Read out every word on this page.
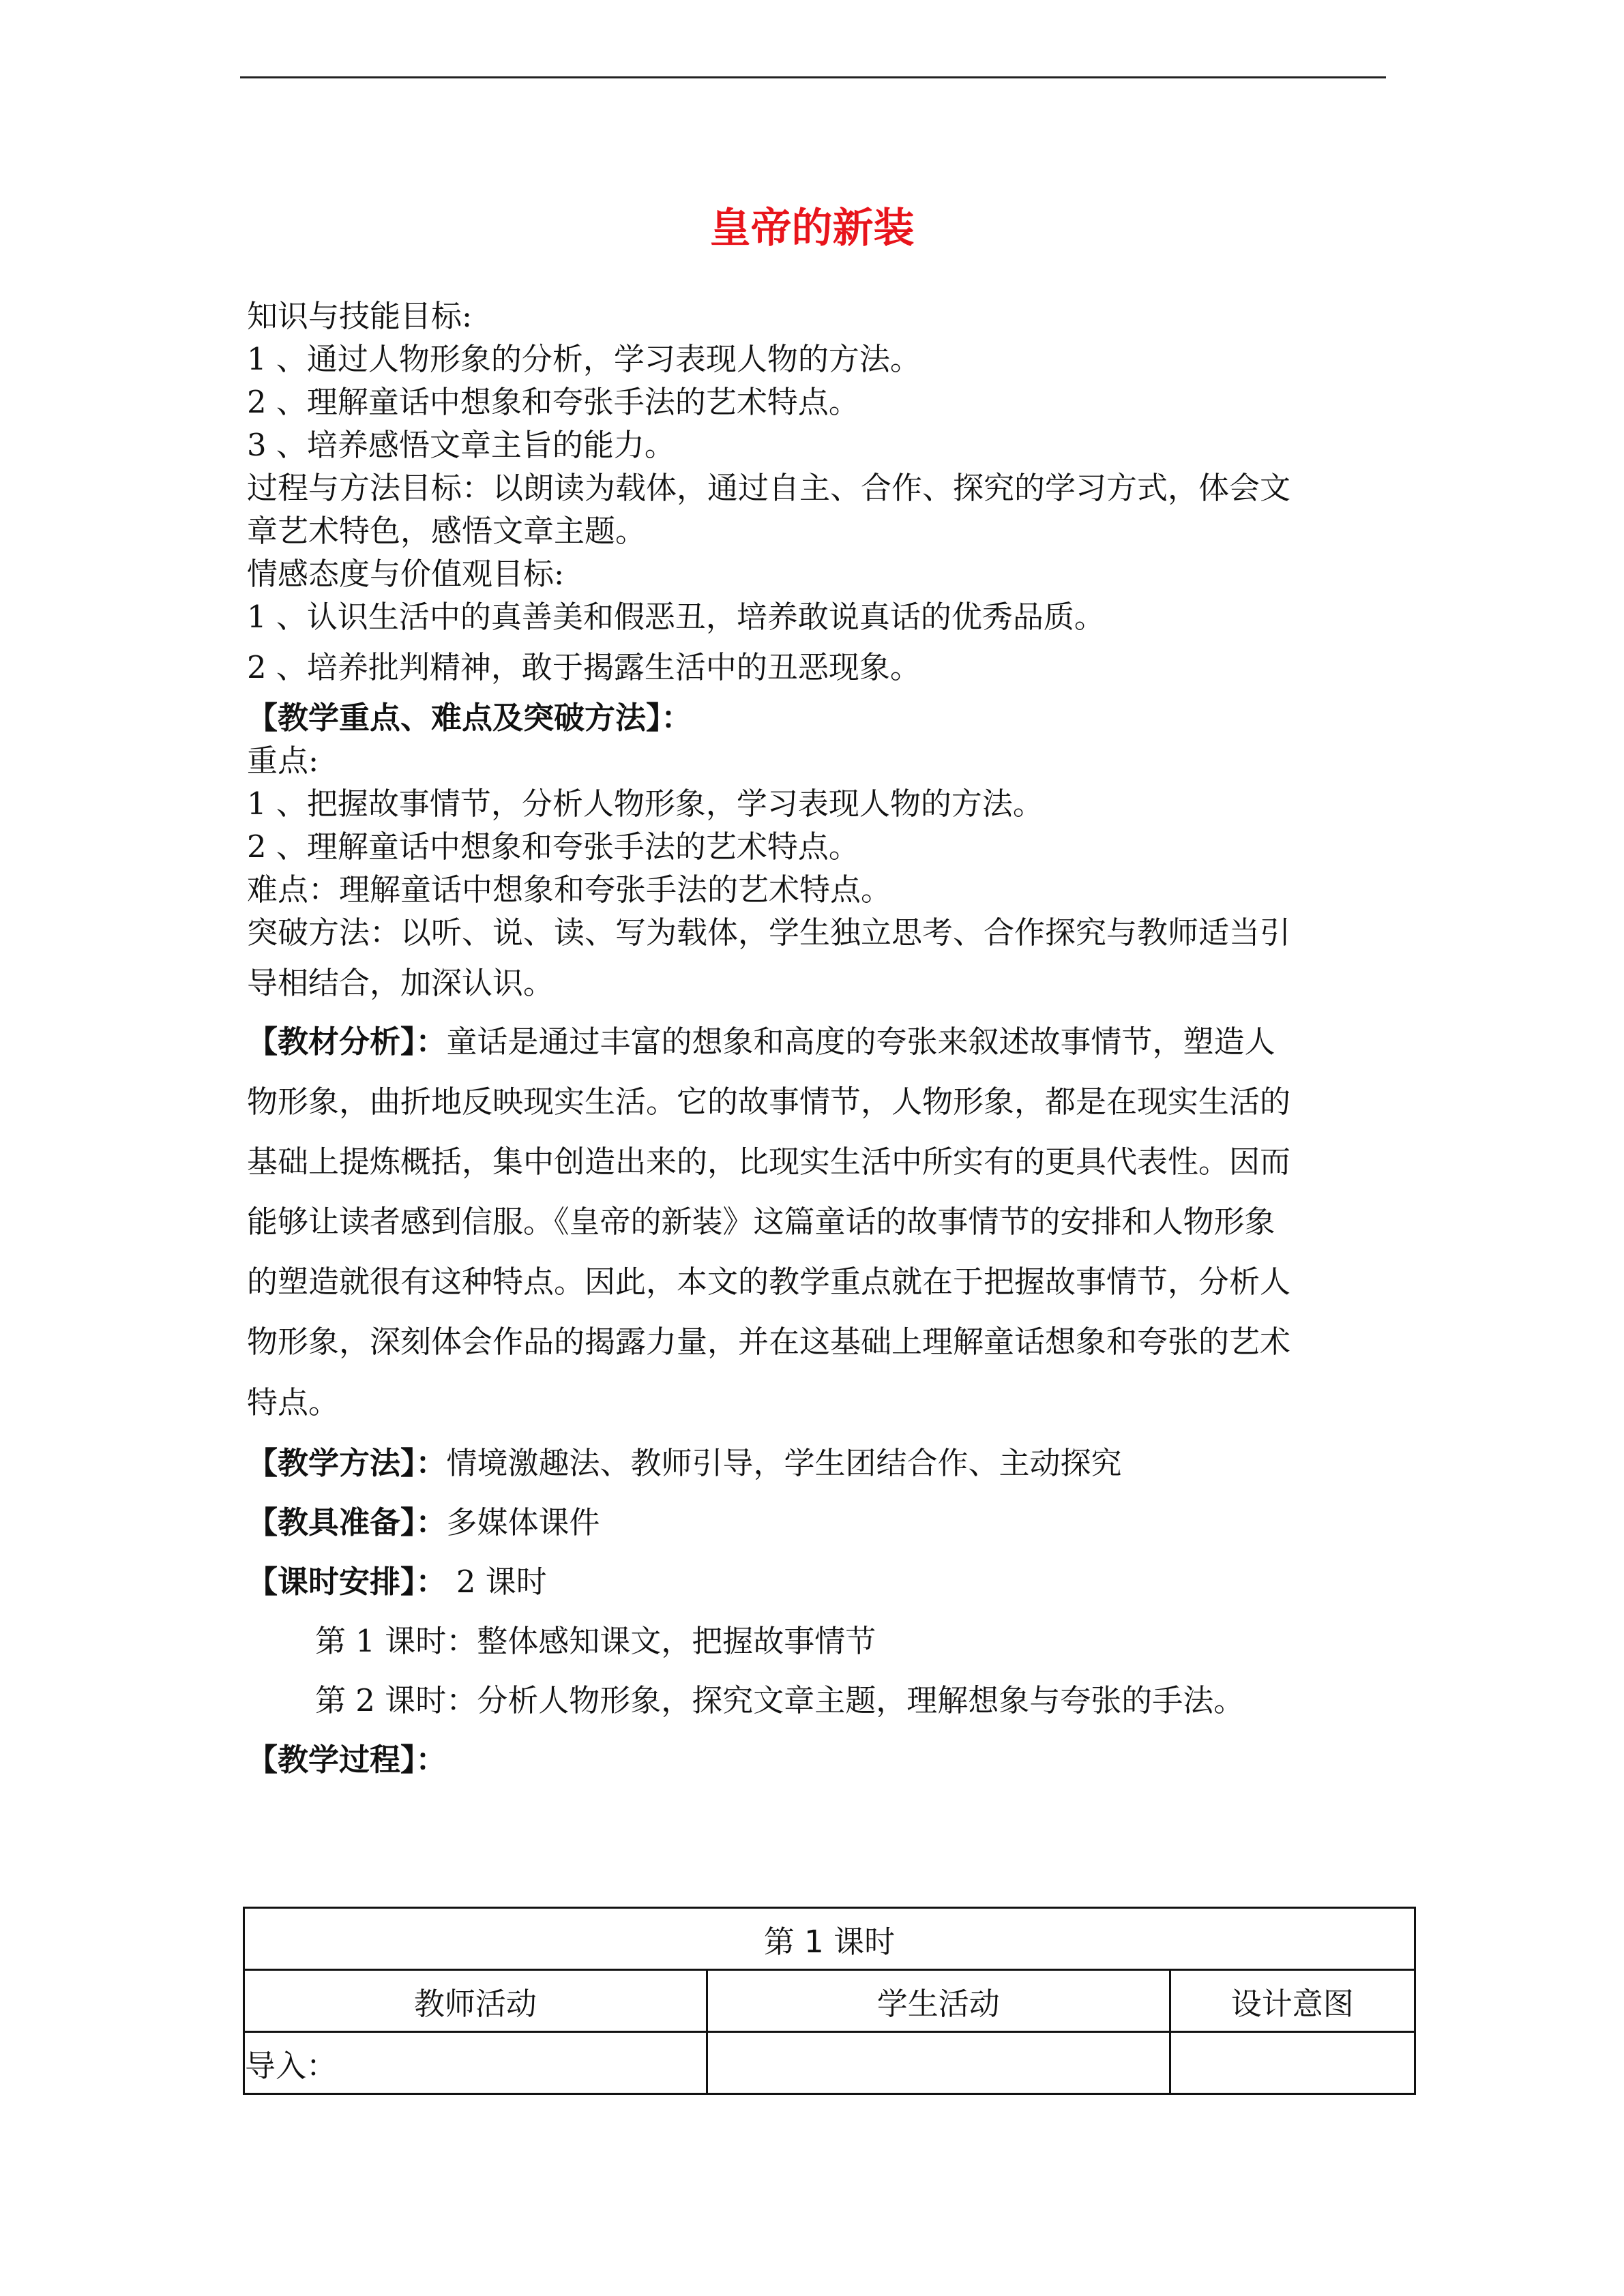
皇帝的新装

知识与技能目标:

1 、通过人物形象的分析，学习表现人物的方法。

2 、理解童话中想象和夸张手法的艺术特点。

3 、培养感悟文章主旨的能力。

过程与方法目标：以朗读为载体，通过自主、合作、探究的学习方式，体会文

章艺术特色，感悟文章主题。

情感态度与价值观目标:

1 、认识生活中的真善美和假恶丑，培养敢说真话的优秀品质。

2 、培养批判精神，敢于揭露生活中的丑恶现象。

【教学重点、难点及突破方法】：

重点:

1 、把握故事情节，分析人物形象，学习表现人物的方法。

2 、理解童话中想象和夸张手法的艺术特点。

难点：理解童话中想象和夸张手法的艺术特点。

突破方法：以听、说、读、写为载体，学生独立思考、合作探究与教师适当引

导相结合，加深认识。

【教材分析】：童话是通过丰富的想象和高度的夸张来叙述故事情节，塑造人

物形象，曲折地反映现实生活。它的故事情节，人物形象，都是在现实生活的

基础上提炼概括，集中创造出来的，比现实生活中所实有的更具代表性。因而

能够让读者感到信服。《皇帝的新装》这篇童话的故事情节的安排和人物形象

的塑造就很有这种特点。因此，本文的教学重点就在于把握故事情节，分析人

物形象，深刻体会作品的揭露力量，并在这基础上理解童话想象和夸张的艺术

特点。

【教学方法】：情境激趣法、教师引导，学生团结合作、主动探究

【教具准备】：多媒体课件

【课时安排】： 2 课时

第 1 课时：整体感知课文，把握故事情节

第 2 课时：分析人物形象，探究文章主题，理解想象与夸张的手法。

【教学过程】：

第 1 课时		
教师活动	学生活动	设计意图
导入：		
